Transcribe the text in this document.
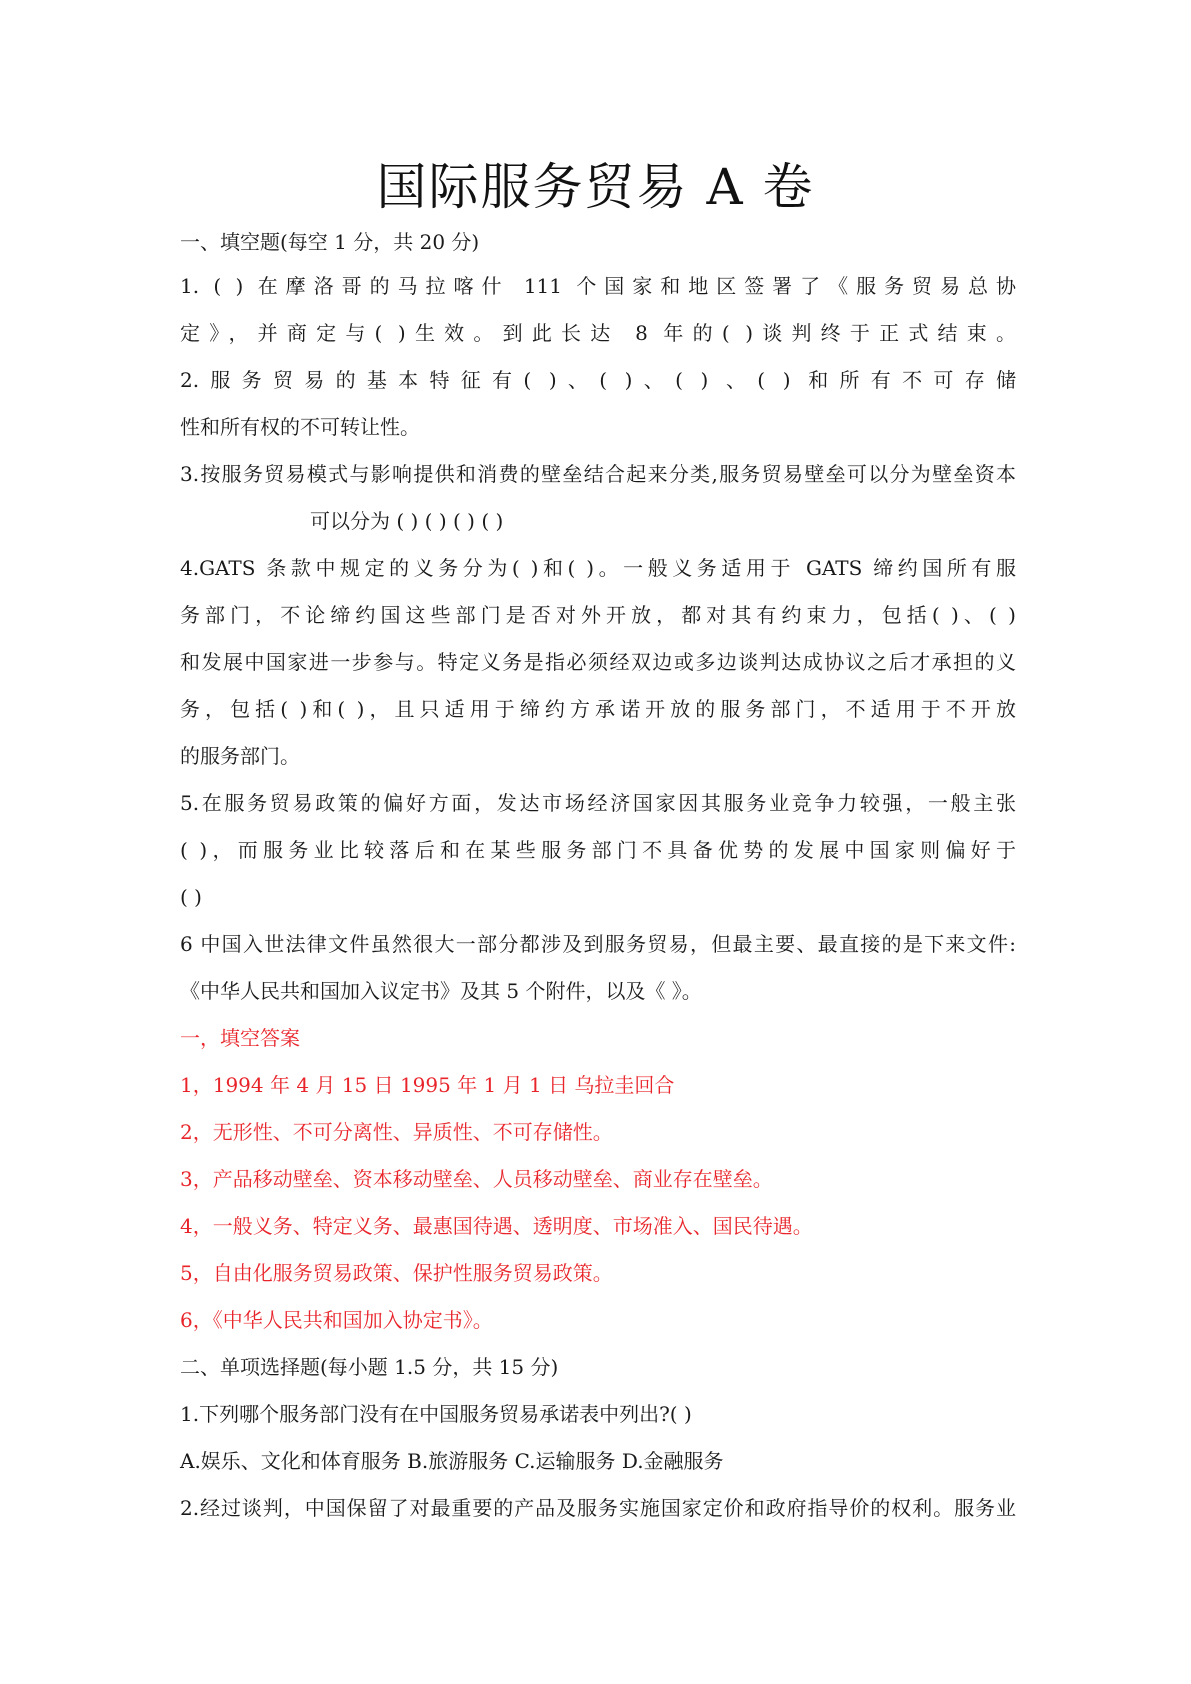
国际服务贸易 A 卷
一、填空题(每空 1 分，共 20 分)
1. ( ) 在摩洛哥的马拉喀什 111 个国家和地区签署了《服务贸易总协
定》，并商定与( )生效。到此长达 8 年的( )谈判终于正式结束。
2.服务贸易的基本特征有( )、( )、( ) 、( ) 和所有不可存储
性和所有权的不可转让性。
3.按服务贸易模式与影响提供和消费的壁垒结合起来分类,服务贸易壁垒可以分为壁垒资本
可以分为 ( ) ( ) ( ) ( )
4.GATS 条款中规定的义务分为( )和( )。一般义务适用于 GATS 缔约国所有服
务部门，不论缔约国这些部门是否对外开放，都对其有约束力，包括( )、( )
和发展中国家进一步参与。特定义务是指必须经双边或多边谈判达成协议之后才承担的义
务，包括( )和( )，且只适用于缔约方承诺开放的服务部门，不适用于不开放
的服务部门。
5.在服务贸易政策的偏好方面，发达市场经济国家因其服务业竞争力较强，一般主张
( )，而服务业比较落后和在某些服务部门不具备优势的发展中国家则偏好于
( )
6 中国入世法律文件虽然很大一部分都涉及到服务贸易，但最主要、最直接的是下来文件:
《中华人民共和国加入议定书》及其 5 个附件，以及《 》。
一，填空答案
1，1994 年 4 月 15 日 1995 年 1 月 1 日 乌拉圭回合
2，无形性、不可分离性、异质性、不可存储性。
3，产品移动壁垒、资本移动壁垒、人员移动壁垒、商业存在壁垒。
4，一般义务、特定义务、最惠国待遇、透明度、市场准入、国民待遇。
5，自由化服务贸易政策、保护性服务贸易政策。
6，《中华人民共和国加入协定书》。
二、单项选择题(每小题 1.5 分，共 15 分)
1.下列哪个服务部门没有在中国服务贸易承诺表中列出?( )
A.娱乐、文化和体育服务 B.旅游服务 C.运输服务 D.金融服务
2.经过谈判，中国保留了对最重要的产品及服务实施国家定价和政府指导价的权利。服务业
